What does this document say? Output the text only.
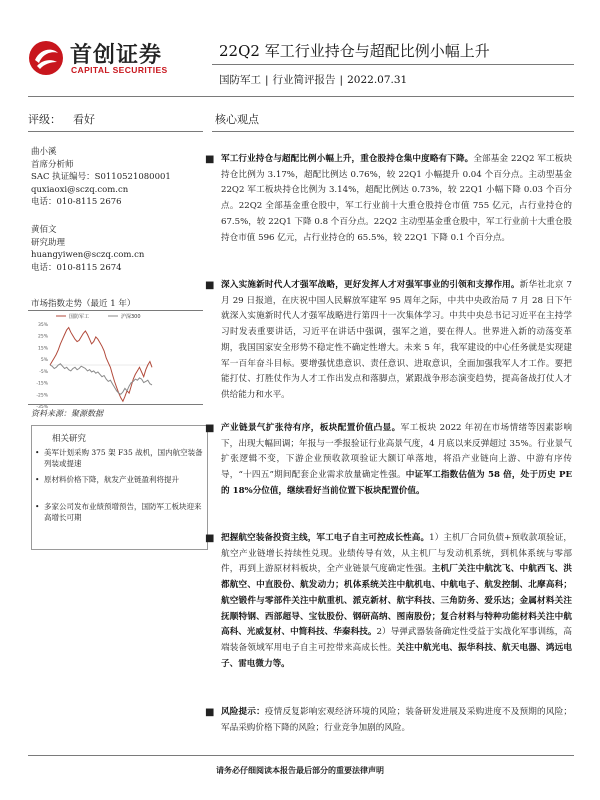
首创证券
CAPITAL SECURITIES
22Q2 军工行业持仓与超配比例小幅上升
国防军工 | 行业简评报告 | 2022.07.31
评级： 看好	核心观点
曲小溪
首席分析师
SAC 执证编号：S0110521080001
quxiaoxi@sczq.com.cn
电话：010-8115 2676
黄佰文
研究助理
huangyiwen@sczq.com.cn
电话：010-8115 2674
市场指数走势（最近 1 年）
35%
25%
15%
5%
-5%
-15%
-25%
-35%
国防军工	沪深300
资料来源：聚源数据
相关研究
• 美军计划采购 375 架 F35 战机，国内航空装备列装或提速
• 原材料价格下降，航发产业链盈利将提升
• 多家公司发布业绩预增预告，国防军工板块迎来高增长可期
■ 军工行业持仓与超配比例小幅上升，重仓股持仓集中度略有下降。全部基金 22Q2 军工板块持仓比例为 3.17%，超配比例达 0.76%，较 22Q1 小幅提升 0.04 个百分点。主动型基金 22Q2 军工板块持仓比例为 3.14%，超配比例达 0.73%，较 22Q1 小幅下降 0.03 个百分点。22Q2 全部基金重仓股中，军工行业前十大重仓股持仓市值 755 亿元，占行业持仓的 67.5%，较 22Q1 下降 0.8 个百分点。22Q2 主动型基金重仓股中，军工行业前十大重仓股持仓市值 596 亿元，占行业持仓的 65.5%，较 22Q1 下降 0.1 个百分点。
■ 深入实施新时代人才强军战略，更好发挥人才对强军事业的引领和支撑作用。新华社北京 7 月 29 日报道，在庆祝中国人民解放军建军 95 周年之际，中共中央政治局 7 月 28 日下午就深入实施新时代人才强军战略进行第四十一次集体学习。中共中央总书记习近平在主持学习时发表重要讲话，习近平在讲话中强调，强军之道，要在得人。世界进入新的动荡变革期，我国国家安全形势不稳定性不确定性增大。未来 5 年，我军建设的中心任务就是实现建军一百年奋斗目标。要增强忧患意识、责任意识、进取意识，全面加强我军人才工作。要把能打仗、打胜仗作为人才工作出发点和落脚点，紧跟战争形态演变趋势，提高备战打仗人才供给能力和水平。
■ 产业链景气扩张待有序，板块配置价值凸显。军工板块 2022 年初在市场情绪等因素影响下，出现大幅回调；年报与一季报验证行业高景气度，4 月底以来反弹超过 35%。行业景气扩张逻辑不变，下游企业预收款项验证大额订单落地，将沿产业链向上游、中游有序传导，“十四五”期间配套企业需求放量确定性强。中证军工指数估值为 58 倍，处于历史 PE 的 18%分位值，继续看好当前位置下板块配置价值。
■ 把握航空装备投资主线，军工电子自主可控成长性高。1）主机厂合同负债+预收款项验证，航空产业链增长持续性兑现。业绩传导有效，从主机厂与发动机系统，到机体系统与零部件，再到上游原材料板块，全产业链景气度确定性强。主机厂关注中航沈飞、中航西飞、洪都航空、中直股份、航发动力；机体系统关注中航机电、中航电子、航发控制、北摩高科；航空锻件与零部件关注中航重机、派克新材、航宇科技、三角防务、爱乐达；金属材料关注抚顺特钢、西部超导、宝钛股份、钢研高纳、图南股份；复合材料与特种功能材料关注中航高科、光威复材、中简科技、华秦科技。2）导弹武器装备确定性受益于实战化军事训练，高端装备领域军用电子自主可控带来高成长性。关注中航光电、振华科技、航天电器、鸿远电子、雷电微力等。
■ 风险提示：疫情反复影响宏观经济环境的风险；装备研发进展及采购进度不及预期的风险；军品采购价格下降的风险；行业竞争加剧的风险。
请务必仔细阅读本报告最后部分的重要法律声明
